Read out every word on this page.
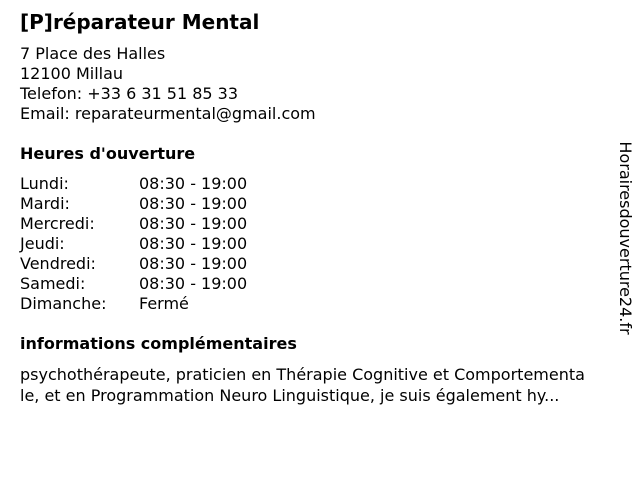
[P]réparateur Mental
7 Place des Halles
12100 Millau
Telefon: +33 6 31 51 85 33
Email: reparateurmental@gmail.com
Heures d'ouverture
Lundi:	08:30 - 19:00
Mardi:	08:30 - 19:00
Mercredi:	08:30 - 19:00
Jeudi:	08:30 - 19:00
Vendredi:	08:30 - 19:00
Samedi:	08:30 - 19:00
Dimanche: Fermé
informations complémentaires
psychothérapeute, praticien en Thérapie Cognitive et Comportementa
le, et en Programmation Neuro Linguistique, je suis également hy...
Horairesdouverture24.fr
